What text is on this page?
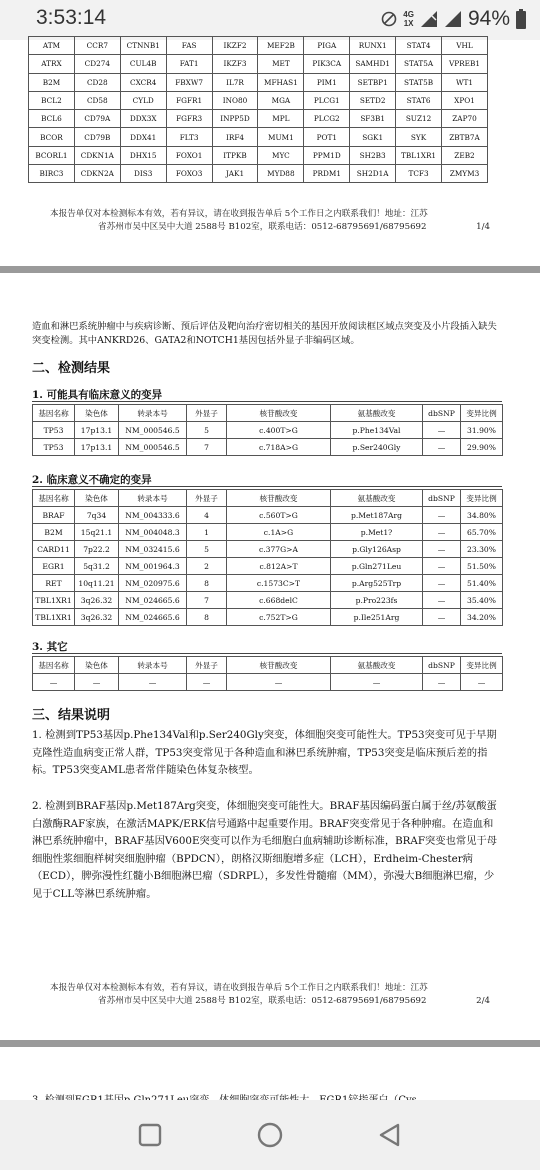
3:53:14	4G
1X	94%
ATM	CCR7	CTNNB1	FAS	IKZF2	MEF2B	PIGA	RUNX1	STAT4	VHL
ATRX	CD274	CUL4B	FAT1	IKZF3	MET	PIK3CA	SAMHD1	STAT5A	VPREB1
B2M	CD28	CXCR4	FBXW7	IL7R	MFHAS1	PIM1	SETBP1	STAT5B	WT1
BCL2	CD58	CYLD	FGFR1	INO80	MGA	PLCG1	SETD2	STAT6	XPO1
BCL6	CD79A	DDX3X	FGFR3	INPP5D	MPL	PLCG2	SF3B1	SUZ12	ZAP70
BCOR	CD79B	DDX41	FLT3	IRF4	MUM1	POT1	SGK1	SYK	ZBTB7A
BCORL1	CDKN1A	DHX15	FOXO1	ITPKB	MYC	PPM1D	SH2B3	TBL1XR1	ZEB2
BIRC3	CDKN2A	DIS3	FOXO3	JAK1	MYD88	PRDM1	SH2D1A	TCF3	ZMYM3
本报告单仅对本检测标本有效，若有异议，请在收到报告单后 5个工作日之内联系我们！地址：江苏
省苏州市吴中区吴中大道 2588号 B102室，联系电话：0512-68795691/68795692	1/4
造血和淋巴系统肿瘤中与疾病诊断、预后评估及靶向治疗密切相关的基因开放阅读框区域点突变及小片段插入缺失突变检测。其中ANKRD26、GATA2和NOTCH1基因包括外显子非编码区域。
二、检测结果
1. 可能具有临床意义的变异
基因名称	染色体	转录本号	外显子	核苷酸改变	氨基酸改变	dbSNP	变异比例
TP53	17p13.1	NM_000546.5	5	c.400T>G	p.Phe134Val	—	31.90%
TP53	17p13.1	NM_000546.5	7	c.718A>G	p.Ser240Gly	—	29.90%
2. 临床意义不确定的变异
基因名称	染色体	转录本号	外显子	核苷酸改变	氨基酸改变	dbSNP	变异比例
BRAF	7q34	NM_004333.6	4	c.560T>G	p.Met187Arg	—	34.80%
B2M	15q21.1	NM_004048.3	1	c.1A>G	p.Met1?	—	65.70%
CARD11	7p22.2	NM_032415.6	5	c.377G>A	p.Gly126Asp	—	23.30%
EGR1	5q31.2	NM_001964.3	2	c.812A>T	p.Gln271Leu	—	51.50%
RET	10q11.21	NM_020975.6	8	c.1573C>T	p.Arg525Trp	—	51.40%
TBL1XR1	3q26.32	NM_024665.6	7	c.668delC	p.Pro223fs	—	35.40%
TBL1XR1	3q26.32	NM_024665.6	8	c.752T>G	p.Ile251Arg	—	34.20%
3. 其它
基因名称	染色体	转录本号	外显子	核苷酸改变	氨基酸改变	dbSNP	变异比例
—	—	—	—	—	—	—	—
三、结果说明
1. 检测到TP53基因p.Phe134Val和p.Ser240Gly突变，体细胞突变可能性大。TP53突变可见于早期克隆性造血病变正常人群，TP53突变常见于各种造血和淋巴系统肿瘤，TP53突变是临床预后差的指标。TP53突变AML患者常伴随染色体复杂核型。
2. 检测到BRAF基因p.Met187Arg突变，体细胞突变可能性大。BRAF基因编码蛋白属于丝/苏氨酸蛋白激酶RAF家族，在激活MAPK/ERK信号通路中起重要作用。BRAF突变常见于各种肿瘤。在造血和淋巴系统肿瘤中，BRAF基因V600E突变可以作为毛细胞白血病辅助诊断标准，BRAF突变也常见于母细胞性浆细胞样树突细胞肿瘤（BPDCN），朗格汉斯细胞增多症（LCH），Erdheim-Chester病（ECD），脾弥漫性红髓小B细胞淋巴瘤（SDRPL），多发性骨髓瘤（MM），弥漫大B细胞淋巴瘤，少见于CLL等淋巴系统肿瘤。
本报告单仅对本检测标本有效，若有异议，请在收到报告单后 5个工作日之内联系我们！地址：江苏
省苏州市吴中区吴中大道 2588号 B102室，联系电话：0512-68795691/68795692	2/4
